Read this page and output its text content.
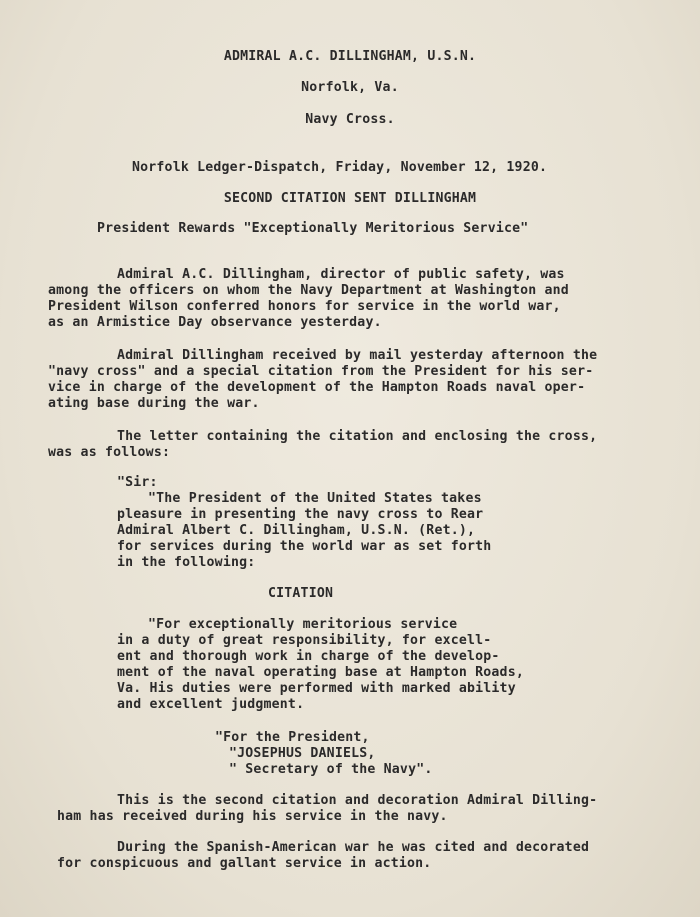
ADMIRAL A.C. DILLINGHAM, U.S.N.
Norfolk, Va.
Navy Cross.
Norfolk Ledger-Dispatch, Friday, November 12, 1920.
SECOND CITATION SENT DILLINGHAM
President Rewards "Exceptionally Meritorious Service"
Admiral A.C. Dillingham, director of public safety, was
among the officers on whom the Navy Department at Washington and
President Wilson conferred honors for service in the world war,
as an Armistice Day observance yesterday.
Admiral Dillingham received by mail yesterday afternoon the
"navy cross" and a special citation from the President for his ser-
vice in charge of the development of the Hampton Roads naval oper-
ating base during the war.
The letter containing the citation and enclosing the cross,
was as follows:
"Sir:
"The President of the United States takes
pleasure in presenting the navy cross to Rear
Admiral Albert C. Dillingham, U.S.N. (Ret.),
for services during the world war as set forth
in the following:
CITATION
"For exceptionally meritorious service
in a duty of great responsibility, for excell-
ent and thorough work in charge of the develop-
ment of the naval operating base at Hampton Roads,
Va. His duties were performed with marked ability
and excellent judgment.
"For the President,
"JOSEPHUS DANIELS,
" Secretary of the Navy".
This is the second citation and decoration Admiral Dilling-
ham has received during his service in the navy.
During the Spanish-American war he was cited and decorated
for conspicuous and gallant service in action.
